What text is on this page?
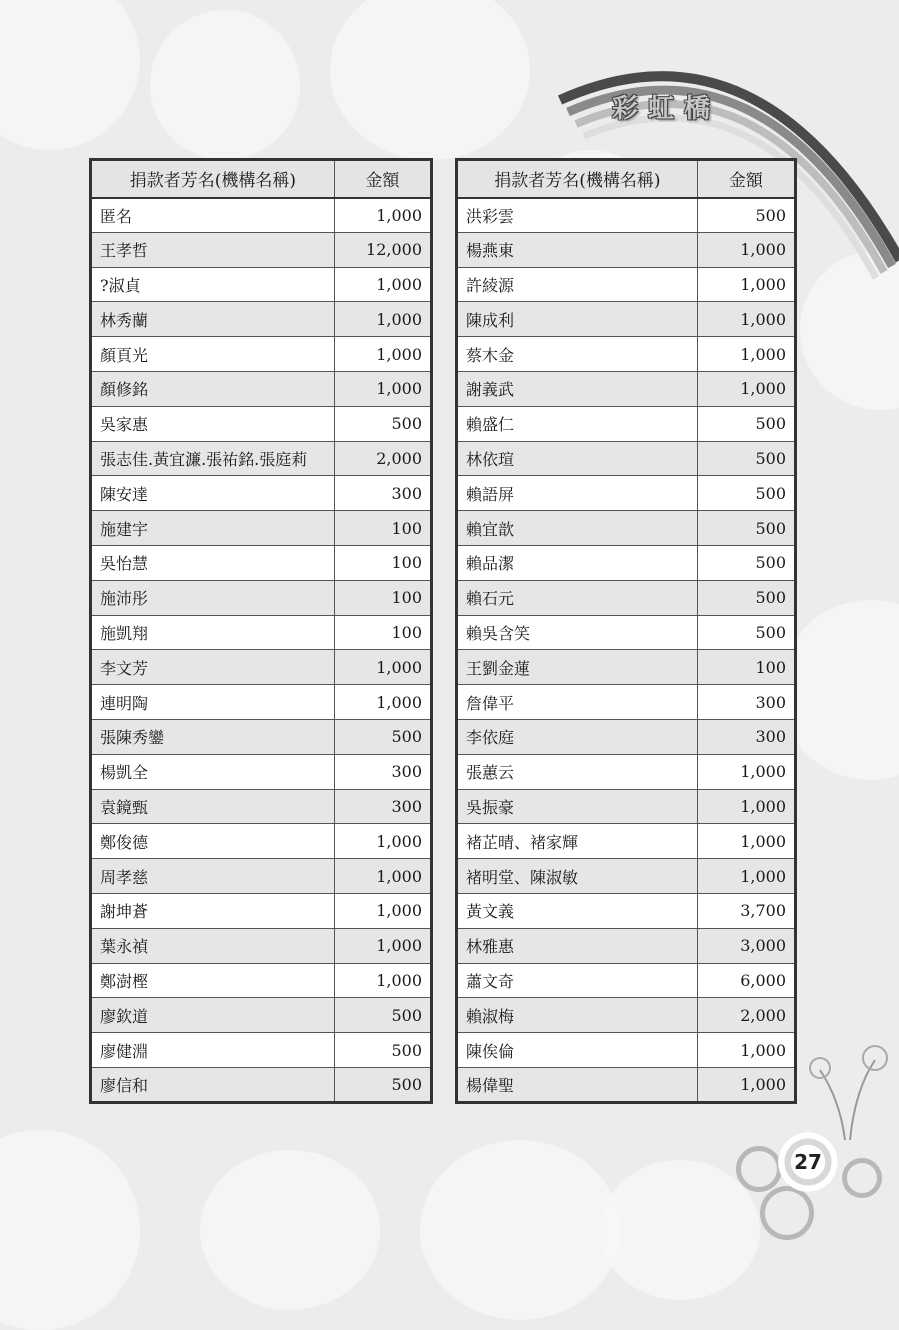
彩虹橋
捐款者芳名(機構名稱)	金額
匿名	1,000
王孝哲	12,000
?淑貞	1,000
林秀蘭	1,000
顏頁光	1,000
顏修銘	1,000
吳家惠	500
張志佳.黃宜濂.張祐銘.張庭莉	2,000
陳安達	300
施建宇	100
吳怡慧	100
施沛彤	100
施凱翔	100
李文芳	1,000
連明陶	1,000
張陳秀鑾	500
楊凱全	300
袁鏡甄	300
鄭俊德	1,000
周孝慈	1,000
謝坤蒼	1,000
葉永禎	1,000
鄭澍樫	1,000
廖欽道	500
廖健淵	500
廖信和	500
捐款者芳名(機構名稱)	金額
洪彩雲	500
楊燕東	1,000
許綾源	1,000
陳成利	1,000
蔡木金	1,000
謝義武	1,000
賴盛仁	500
林依瑄	500
賴語屏	500
賴宜歆	500
賴品潔	500
賴石元	500
賴吳含笑	500
王劉金蓮	100
詹偉平	300
李依庭	300
張蕙云	1,000
吳振豪	1,000
褚芷晴、褚家輝	1,000
褚明堂、陳淑敏	1,000
黃文義	3,700
林雅惠	3,000
蕭文奇	6,000
賴淑梅	2,000
陳俟倫	1,000
楊偉聖	1,000
27
